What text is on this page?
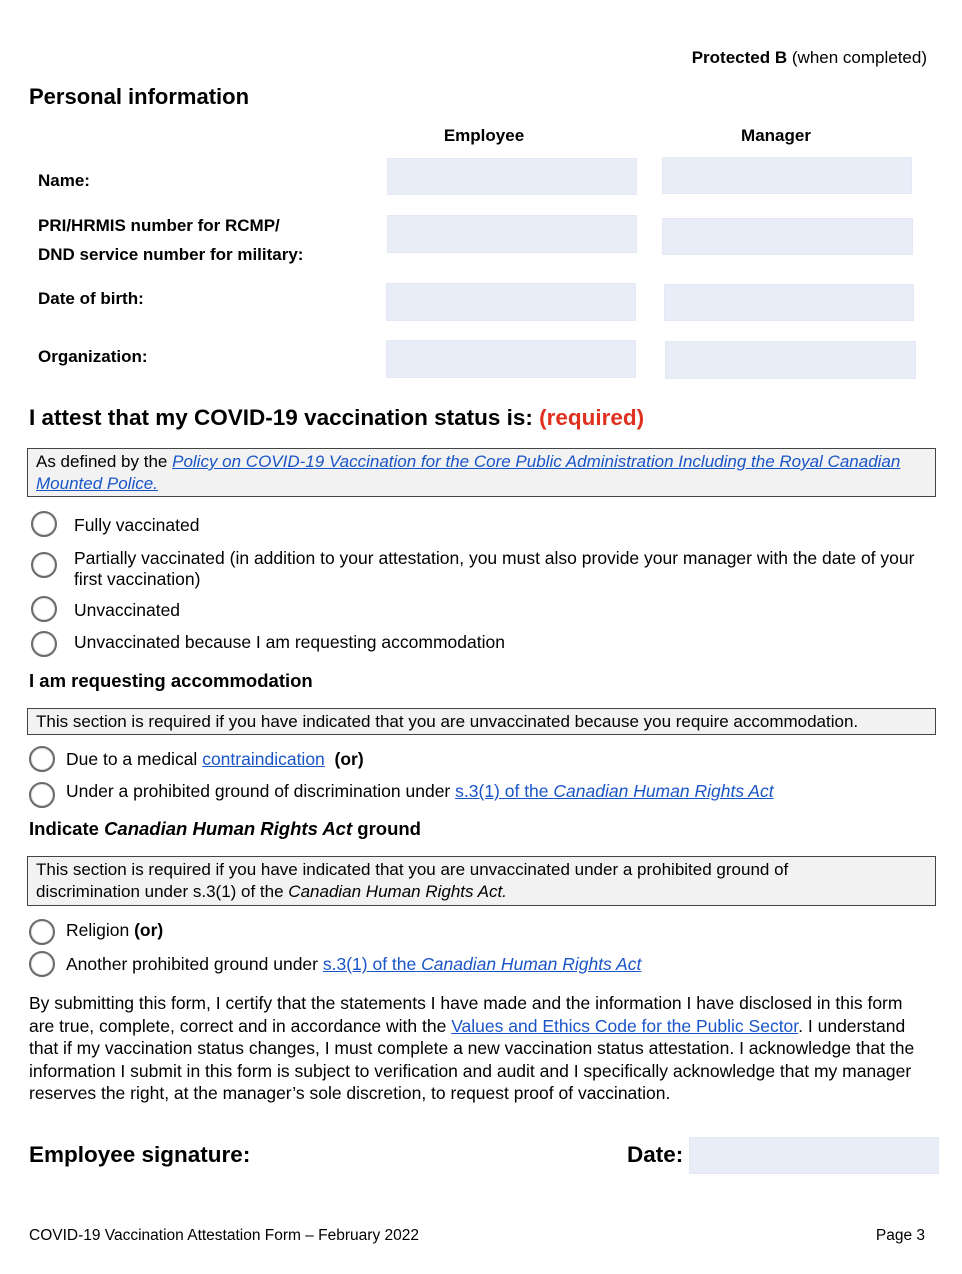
Protected B (when completed)
Personal information
Employee	Manager
Name:
PRI/HRMIS number for RCMP/
DND service number for military:
Date of birth:
Organization:
I attest that my COVID-19 vaccination status is: (required)
As defined by the Policy on COVID-19 Vaccination for the Core Public Administration Including the Royal Canadian Mounted Police.
Fully vaccinated
Partially vaccinated (in addition to your attestation, you must also provide your manager with the date of your first vaccination)
Unvaccinated
Unvaccinated because I am requesting accommodation
I am requesting accommodation
This section is required if you have indicated that you are unvaccinated because you require accommodation.
Due to a medical contraindication (or)
Under a prohibited ground of discrimination under s.3(1) of the Canadian Human Rights Act
Indicate Canadian Human Rights Act ground
This section is required if you have indicated that you are unvaccinated under a prohibited ground of
discrimination under s.3(1) of the Canadian Human Rights Act.
Religion (or)
Another prohibited ground under s.3(1) of the Canadian Human Rights Act
By submitting this form, I certify that the statements I have made and the information I have disclosed in this form are true, complete, correct and in accordance with the Values and Ethics Code for the Public Sector. I understand that if my vaccination status changes, I must complete a new vaccination status attestation. I acknowledge that the information I submit in this form is subject to verification and audit and I specifically acknowledge that my manager reserves the right, at the manager’s sole discretion, to request proof of vaccination.
Employee signature:	Date:
COVID-19 Vaccination Attestation Form – February 2022	Page 3
